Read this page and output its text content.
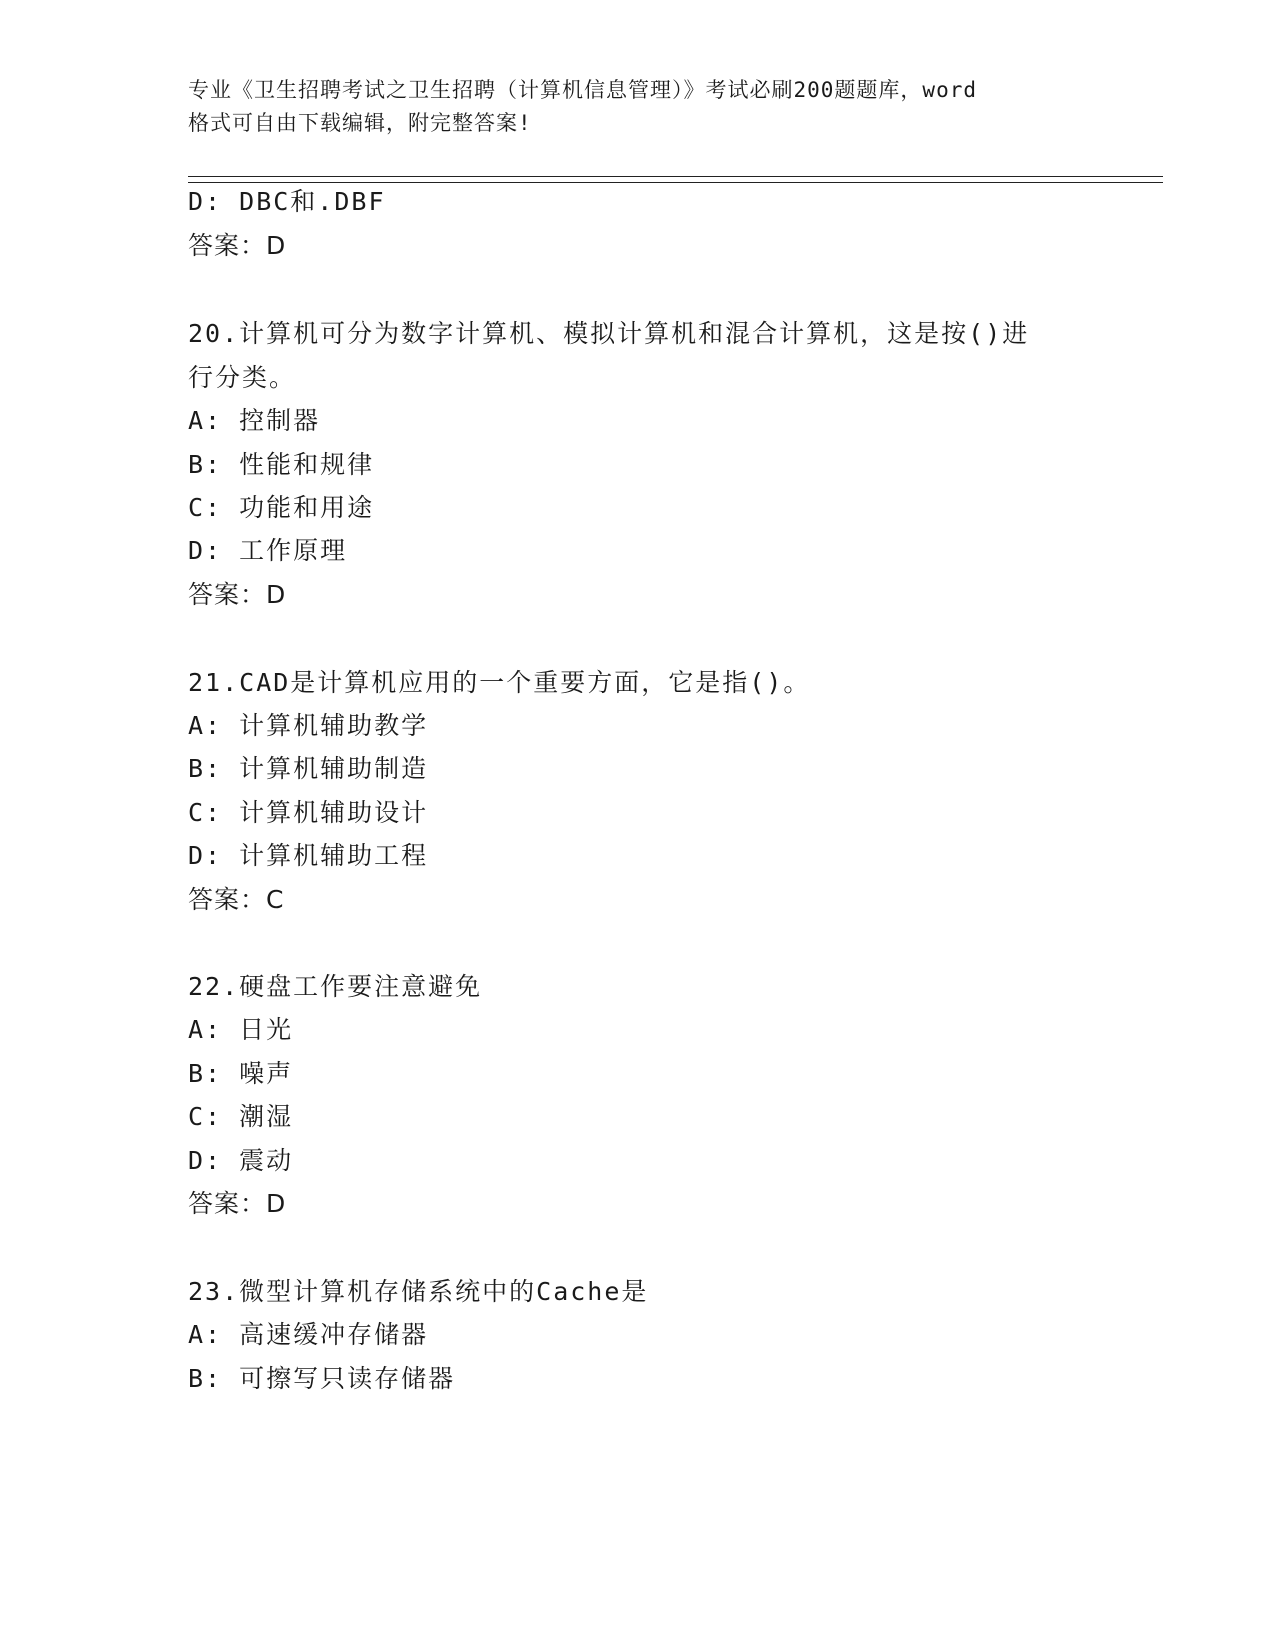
专业《卫生招聘考试之卫生招聘（计算机信息管理）》考试必刷200题题库，word
格式可自由下载编辑，附完整答案!
D: DBC和.DBF
答案：D
20.计算机可分为数字计算机、模拟计算机和混合计算机，这是按()进
行分类。
A: 控制器
B: 性能和规律
C: 功能和用途
D: 工作原理
答案：D
21.CAD是计算机应用的一个重要方面，它是指()。
A: 计算机辅助教学
B: 计算机辅助制造
C: 计算机辅助设计
D: 计算机辅助工程
答案：C
22.硬盘工作要注意避免
A: 日光
B: 噪声
C: 潮湿
D: 震动
答案：D
23.微型计算机存储系统中的Cache是
A: 高速缓冲存储器
B: 可擦写只读存储器
